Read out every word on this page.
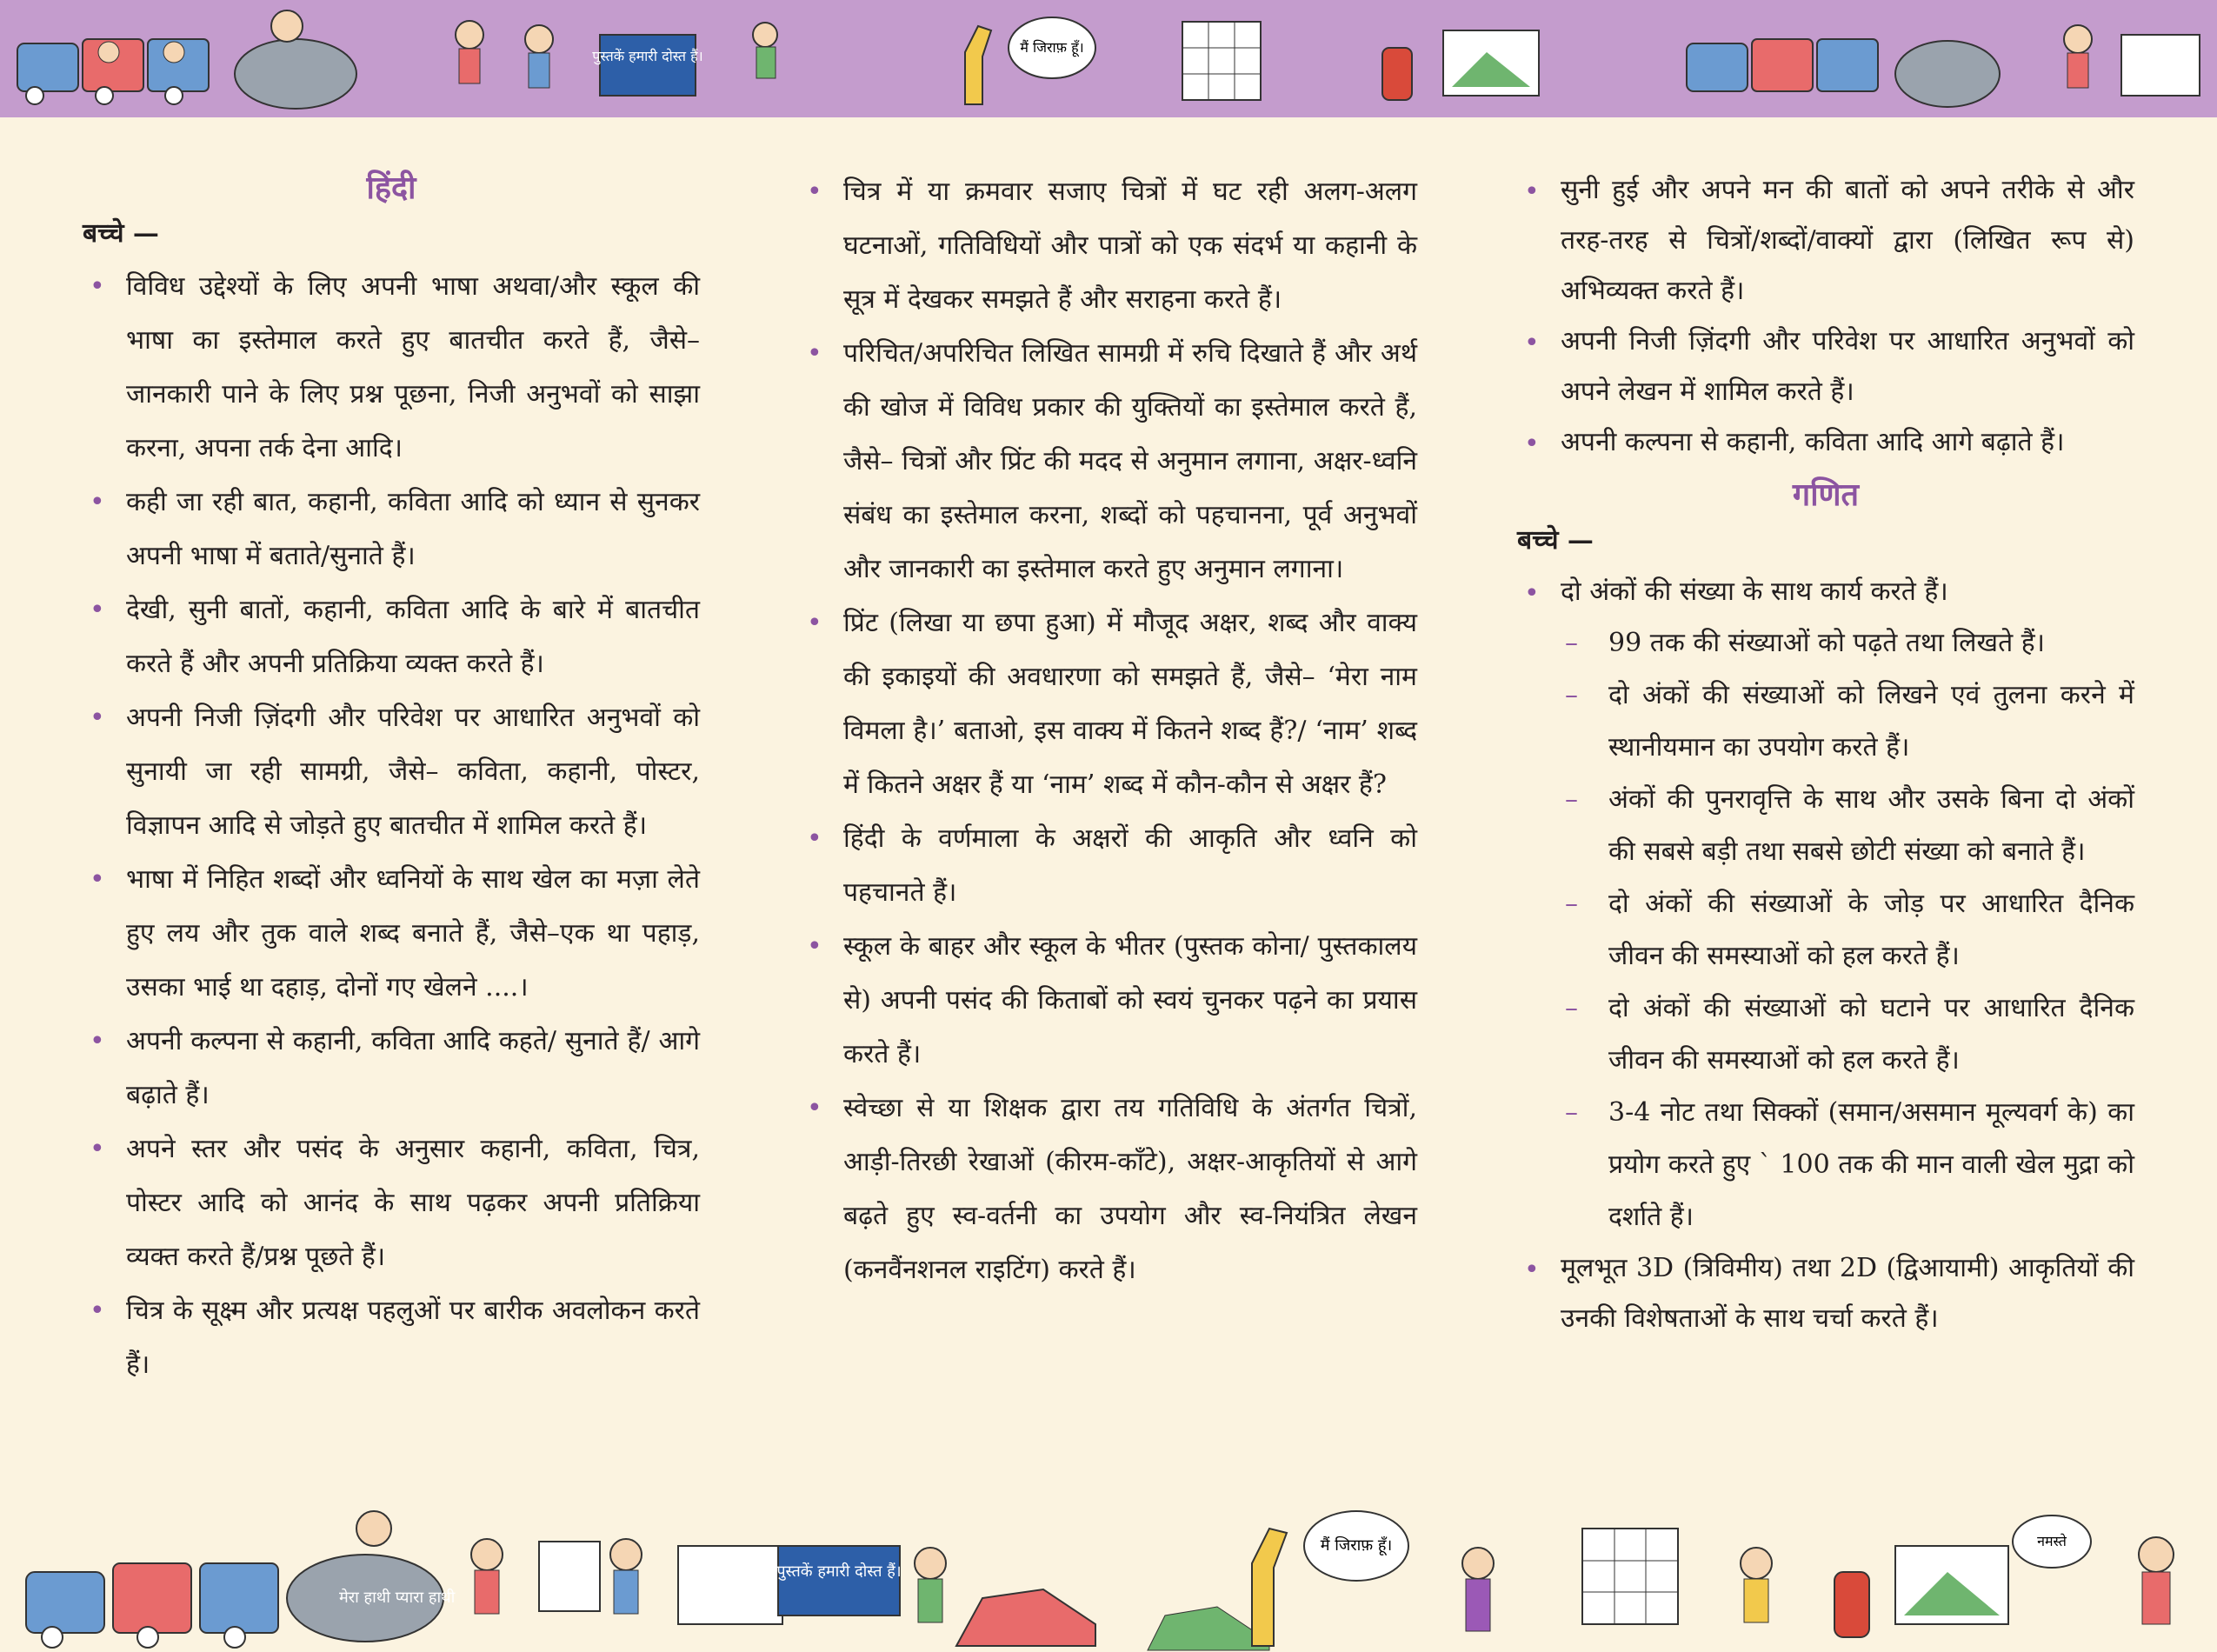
पुस्तकें हमारी दोस्त हैं।
मैं जिराफ़ हूँ।
हिंदी
बच्चे —
• विविध उद्देश्यों के लिए अपनी भाषा अथवा/और स्कूल की भाषा का इस्तेमाल करते हुए बातचीत करते हैं, जैसे– जानकारी पाने के लिए प्रश्न पूछना, निजी अनुभवों को साझा करना, अपना तर्क देना आदि।
• कही जा रही बात, कहानी, कविता आदि को ध्यान से सुनकर अपनी भाषा में बताते/सुनाते हैं।
• देखी, सुनी बातों, कहानी, कविता आदि के बारे में बातचीत करते हैं और अपनी प्रतिक्रिया व्यक्त करते हैं।
• अपनी निजी ज़िंदगी और परिवेश पर आधारित अनुभवों को सुनायी जा रही सामग्री, जैसे– कविता, कहानी, पोस्टर, विज्ञापन आदि से जोड़ते हुए बातचीत में शामिल करते हैं।
• भाषा में निहित शब्दों और ध्वनियों के साथ खेल का मज़ा लेते हुए लय और तुक वाले शब्द बनाते हैं, जैसे–एक था पहाड़, उसका भाई था दहाड़, दोनों गए खेलने ....।
• अपनी कल्पना से कहानी, कविता आदि कहते/ सुनाते हैं/ आगे बढ़ाते हैं।
• अपने स्तर और पसंद के अनुसार कहानी, कविता, चित्र, पोस्टर आदि को आनंद के साथ पढ़कर अपनी प्रतिक्रिया व्यक्त करते हैं/प्रश्न पूछते हैं।
• चित्र के सूक्ष्म और प्रत्यक्ष पहलुओं पर बारीक अवलोकन करते हैं।
• चित्र में या क्रमवार सजाए चित्रों में घट रही अलग-अलग घटनाओं, गतिविधियों और पात्रों को एक संदर्भ या कहानी के सूत्र में देखकर समझते हैं और सराहना करते हैं।
• परिचित/अपरिचित लिखित सामग्री में रुचि दिखाते हैं और अर्थ की खोज में विविध प्रकार की युक्तियों का इस्तेमाल करते हैं, जैसे– चित्रों और प्रिंट की मदद से अनुमान लगाना, अक्षर-ध्वनि संबंध का इस्तेमाल करना, शब्दों को पहचानना, पूर्व अनुभवों और जानकारी का इस्तेमाल करते हुए अनुमान लगाना।
• प्रिंट (लिखा या छपा हुआ) में मौजूद अक्षर, शब्द और वाक्य की इकाइयों की अवधारणा को समझते हैं, जैसे– ‘मेरा नाम विमला है।’ बताओ, इस वाक्य में कितने शब्द हैं?/ ‘नाम’ शब्द में कितने अक्षर हैं या ‘नाम’ शब्द में कौन-कौन से अक्षर हैं?
• हिंदी के वर्णमाला के अक्षरों की आकृति और ध्वनि को पहचानते हैं।
• स्कूल के बाहर और स्कूल के भीतर (पुस्तक कोना/ पुस्तकालय से) अपनी पसंद की किताबों को स्वयं चुनकर पढ़ने का प्रयास करते हैं।
• स्वेच्छा से या शिक्षक द्वारा तय गतिविधि के अंतर्गत चित्रों, आड़ी-तिरछी रेखाओं (कीरम-काँटे), अक्षर-आकृतियों से आगे बढ़ते हुए स्व-वर्तनी का उपयोग और स्व-नियंत्रित लेखन (कनवैंनशनल राइटिंग) करते हैं।
• सुनी हुई और अपने मन की बातों को अपने तरीके से और तरह-तरह से चित्रों/शब्दों/वाक्यों द्वारा (लिखित रूप से) अभिव्यक्त करते हैं।
• अपनी निजी ज़िंदगी और परिवेश पर आधारित अनुभवों को अपने लेखन में शामिल करते हैं।
• अपनी कल्पना से कहानी, कविता आदि आगे बढ़ाते हैं।
गणित
बच्चे —
• दो अंकों की संख्या के साथ कार्य करते हैं।
– 99 तक की संख्याओं को पढ़ते तथा लिखते हैं।
– दो अंकों की संख्याओं को लिखने एवं तुलना करने में स्थानीयमान का उपयोग करते हैं।
– अंकों की पुनरावृत्ति के साथ और उसके बिना दो अंकों की सबसे बड़ी तथा सबसे छोटी संख्या को बनाते हैं।
– दो अंकों की संख्याओं के जोड़ पर आधारित दैनिक जीवन की समस्याओं को हल करते हैं।
– दो अंकों की संख्याओं को घटाने पर आधारित दैनिक जीवन की समस्याओं को हल करते हैं।
– 3-4 नोट तथा सिक्कों (समान/असमान मूल्यवर्ग के) का प्रयोग करते हुए ` 100 तक की मान वाली खेल मुद्रा को दर्शाते हैं।
• मूलभूत 3D (त्रिविमीय) तथा 2D (द्विआयामी) आकृतियों की उनकी विशेषताओं के साथ चर्चा करते हैं।
मेरा हाथी प्यारा हाथी
पुस्तकें हमारी दोस्त हैं।
मैं जिराफ़ हूँ।	नमस्ते
